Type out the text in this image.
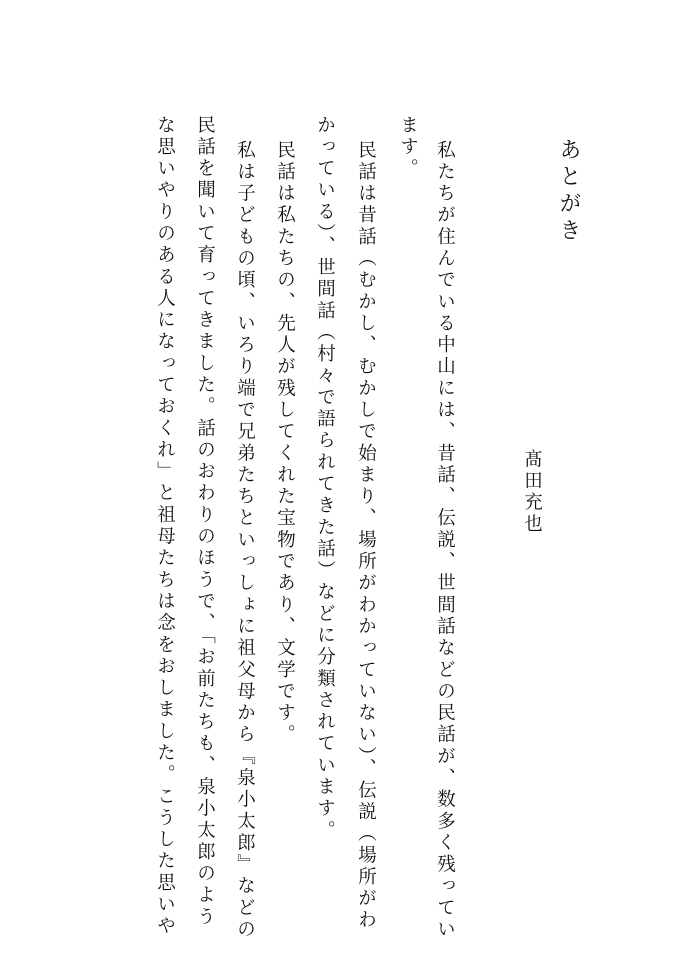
あとがき
髙田充也
私たちが住んでいる中山には、昔話、伝説、世間話などの民話が、数多く残ってい
ます。
民話は昔話（むかし、むかしで始まり、場所がわかっていない）、伝説（場所がわ
かっている）、世間話（村々で語られてきた話）などに分類されています。
民話は私たちの、先人が残してくれた宝物であり、文学です。
私は子どもの頃、いろり端で兄弟たちといっしょに祖父母から『泉小太郎』などの
民話を聞いて育ってきました。話のおわりのほうで、「お前たちも、泉小太郎のよう
な思いやりのある人になっておくれ」と祖母たちは念をおしました。こうした思いや
